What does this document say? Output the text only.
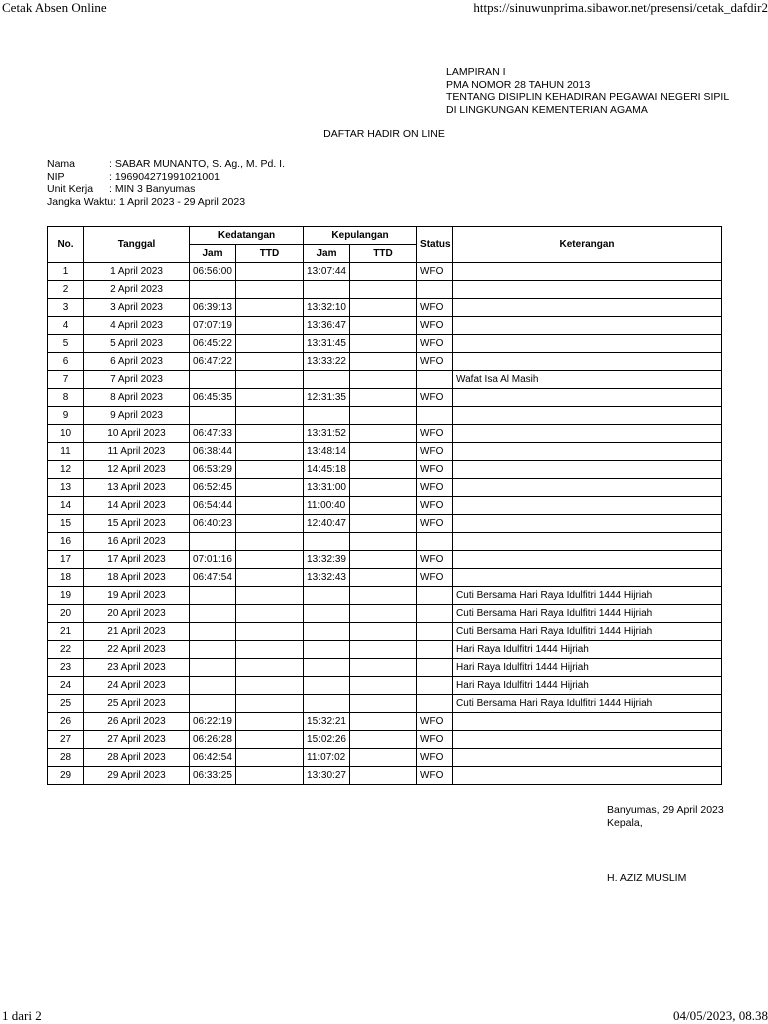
Cetak Absen Online	https://sinuwunprima.sibawor.net/presensi/cetak_dafdir2
LAMPIRAN I
PMA NOMOR 28 TAHUN 2013
TENTANG DISIPLIN KEHADIRAN PEGAWAI NEGERI SIPIL
DI LINGKUNGAN KEMENTERIAN AGAMA
DAFTAR HADIR ON LINE
Nama	: SABAR MUNANTO, S. Ag., M. Pd. I.
NIP	: 196904271991021001
Unit Kerja	: MIN 3 Banyumas
Jangka Waktu: 1 April 2023 - 29 April 2023
No.	Tanggal	Kedatangan		Kepulangan		Status	Keterangan
		Jam	TTD	Jam	TTD		
1	1 April 2023	06:56:00		13:07:44		WFO	
2	2 April 2023						
3	3 April 2023	06:39:13		13:32:10		WFO	
4	4 April 2023	07:07:19		13:36:47		WFO	
5	5 April 2023	06:45:22		13:31:45		WFO	
6	6 April 2023	06:47:22		13:33:22		WFO	
7	7 April 2023						Wafat Isa Al Masih
8	8 April 2023	06:45:35		12:31:35		WFO	
9	9 April 2023						
10	10 April 2023	06:47:33		13:31:52		WFO	
11	11 April 2023	06:38:44		13:48:14		WFO	
12	12 April 2023	06:53:29		14:45:18		WFO	
13	13 April 2023	06:52:45		13:31:00		WFO	
14	14 April 2023	06:54:44		11:00:40		WFO	
15	15 April 2023	06:40:23		12:40:47		WFO	
16	16 April 2023						
17	17 April 2023	07:01:16		13:32:39		WFO	
18	18 April 2023	06:47:54		13:32:43		WFO	
19	19 April 2023						Cuti Bersama Hari Raya Idulfitri 1444 Hijriah
20	20 April 2023						Cuti Bersama Hari Raya Idulfitri 1444 Hijriah
21	21 April 2023						Cuti Bersama Hari Raya Idulfitri 1444 Hijriah
22	22 April 2023						Hari Raya Idulfitri 1444 Hijriah
23	23 April 2023						Hari Raya Idulfitri 1444 Hijriah
24	24 April 2023						Hari Raya Idulfitri 1444 Hijriah
25	25 April 2023						Cuti Bersama Hari Raya Idulfitri 1444 Hijriah
26	26 April 2023	06:22:19		15:32:21		WFO	
27	27 April 2023	06:26:28		15:02:26		WFO	
28	28 April 2023	06:42:54		11:07:02		WFO	
29	29 April 2023	06:33:25		13:30:27		WFO	
Banyumas, 29 April 2023
Kepala,
H. AZIZ MUSLIM
1 dari 2	04/05/2023, 08.38
